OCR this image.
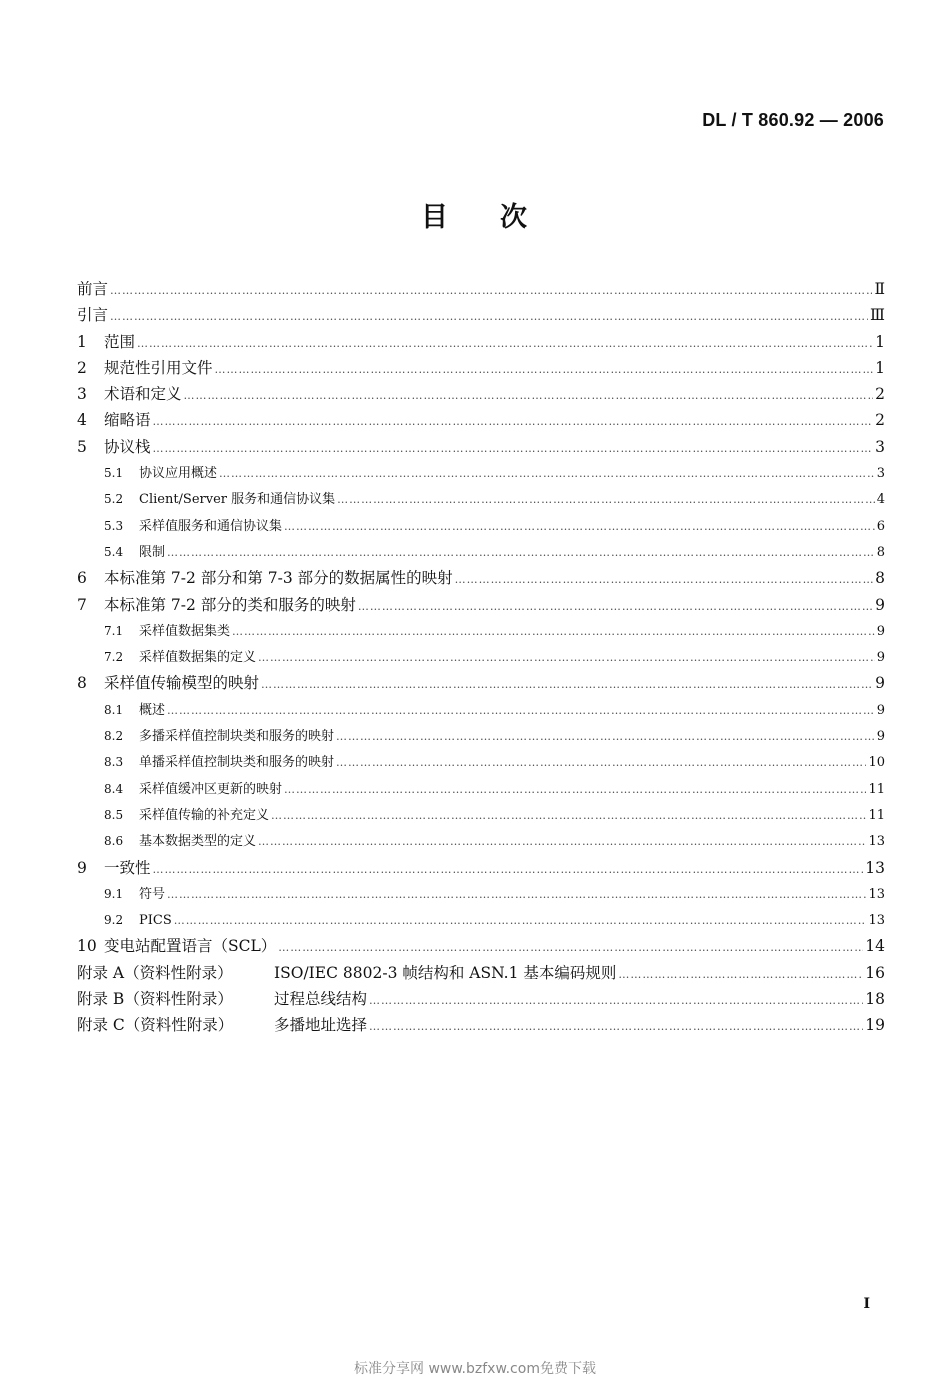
DL / T 860.92 — 2006
目 次
前言 …………………………………………………………………………………………………………………………………………………………………………………………………………………………………………………………………………………………………………	Ⅱ
引言 …………………………………………………………………………………………………………………………………………………………………………………………………………………………………………………………………………………………………………	Ⅲ
1	范围 …………………………………………………………………………………………………………………………………………………………………………………………………………………………………………………………………………………………………………	1
2	规范性引用文件 …………………………………………………………………………………………………………………………………………………………………………………………………………………………………………………………………………………………………………	1
3	术语和定义 …………………………………………………………………………………………………………………………………………………………………………………………………………………………………………………………………………………………………………	2
4	缩略语 …………………………………………………………………………………………………………………………………………………………………………………………………………………………………………………………………………………………………………	2
5	协议栈 …………………………………………………………………………………………………………………………………………………………………………………………………………………………………………………………………………………………………………	3
5.1	协议应用概述 …………………………………………………………………………………………………………………………………………………………………………………………………………………………………………………………………………………………………………	3
5.2	Client/Server 服务和通信协议集 …………………………………………………………………………………………………………………………………………………………………………………………………………………………………………………………………………………………………………	4
5.3	采样值服务和通信协议集 …………………………………………………………………………………………………………………………………………………………………………………………………………………………………………………………………………………………………………	6
5.4	限制 …………………………………………………………………………………………………………………………………………………………………………………………………………………………………………………………………………………………………………	8
6	本标准第 7-2 部分和第 7-3 部分的数据属性的映射 …………………………………………………………………………………………………………………………………………………………………………………………………………………………………………………………………………………………………………	8
7	本标准第 7-2 部分的类和服务的映射 …………………………………………………………………………………………………………………………………………………………………………………………………………………………………………………………………………………………………………	9
7.1	采样值数据集类 …………………………………………………………………………………………………………………………………………………………………………………………………………………………………………………………………………………………………………	9
7.2	采样值数据集的定义 …………………………………………………………………………………………………………………………………………………………………………………………………………………………………………………………………………………………………………	9
8	采样值传输模型的映射 …………………………………………………………………………………………………………………………………………………………………………………………………………………………………………………………………………………………………………	9
8.1	概述 …………………………………………………………………………………………………………………………………………………………………………………………………………………………………………………………………………………………………………	9
8.2	多播采样值控制块类和服务的映射 …………………………………………………………………………………………………………………………………………………………………………………………………………………………………………………………………………………………………………	9
8.3	单播采样值控制块类和服务的映射 …………………………………………………………………………………………………………………………………………………………………………………………………………………………………………………………………………………………………………	10
8.4	采样值缓冲区更新的映射 …………………………………………………………………………………………………………………………………………………………………………………………………………………………………………………………………………………………………………	11
8.5	采样值传输的补充定义 …………………………………………………………………………………………………………………………………………………………………………………………………………………………………………………………………………………………………………	11
8.6	基本数据类型的定义 …………………………………………………………………………………………………………………………………………………………………………………………………………………………………………………………………………………………………………	13
9	一致性 …………………………………………………………………………………………………………………………………………………………………………………………………………………………………………………………………………………………………………	13
9.1	符号 …………………………………………………………………………………………………………………………………………………………………………………………………………………………………………………………………………………………………………	13
9.2	PICS …………………………………………………………………………………………………………………………………………………………………………………………………………………………………………………………………………………………………………	13
10 变电站配置语言（SCL） …………………………………………………………………………………………………………………………………………………………………………………………………………………………………………………………………………………………………………	14
附录 A（资料性附录）	ISO/IEC 8802-3 帧结构和 ASN.1 基本编码规则 …………………………………………………………………………………………………………………………………………………………………………………………………………………………………………………………………………………………………………	16
附录 B（资料性附录）	过程总线结构 …………………………………………………………………………………………………………………………………………………………………………………………………………………………………………………………………………………………………………	18
附录 C（资料性附录）	多播地址选择 …………………………………………………………………………………………………………………………………………………………………………………………………………………………………………………………………………………………………………	19
I
标准分享网 www.bzfxw.com免费下载
